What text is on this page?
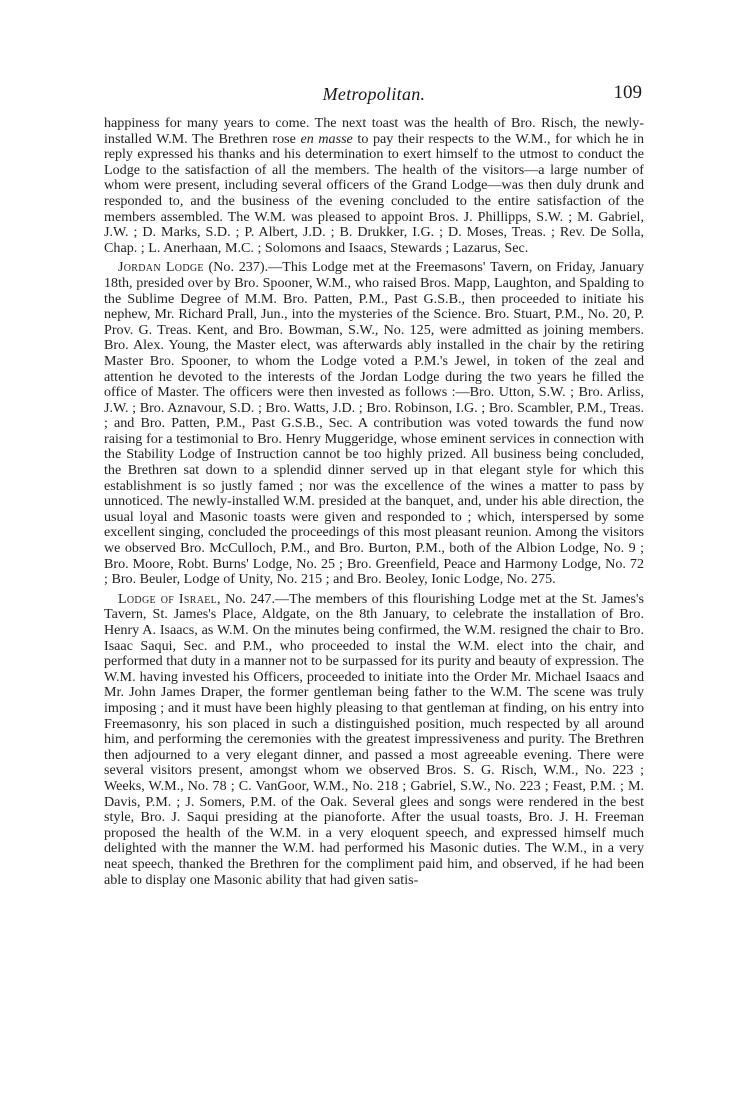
Metropolitan.	109

happiness for many years to come. The next toast was the health of Bro. Risch, the newly-installed W.M. The Brethren rose en masse to pay their respects to the W.M., for which he in reply expressed his thanks and his determination to exert himself to the utmost to conduct the Lodge to the satisfaction of all the members. The health of the visitors—a large number of whom were present, including several officers of the Grand Lodge—was then duly drunk and responded to, and the business of the evening concluded to the entire satisfaction of the members assembled. The W.M. was pleased to appoint Bros. J. Phillipps, S.W. ; M. Gabriel, J.W. ; D. Marks, S.D. ; P. Albert, J.D. ; B. Drukker, I.G. ; D. Moses, Treas. ; Rev. De Solla, Chap. ; L. Anerhaan, M.C. ; Solomons and Isaacs, Stewards ; Lazarus, Sec.

Jordan Lodge (No. 237).—This Lodge met at the Freemasons' Tavern, on Friday, January 18th, presided over by Bro. Spooner, W.M., who raised Bros. Mapp, Laughton, and Spalding to the Sublime Degree of M.M. Bro. Patten, P.M., Past G.S.B., then proceeded to initiate his nephew, Mr. Richard Prall, Jun., into the mysteries of the Science. Bro. Stuart, P.M., No. 20, P. Prov. G. Treas. Kent, and Bro. Bowman, S.W., No. 125, were admitted as joining members. Bro. Alex. Young, the Master elect, was afterwards ably installed in the chair by the retiring Master Bro. Spooner, to whom the Lodge voted a P.M.'s Jewel, in token of the zeal and attention he devoted to the interests of the Jordan Lodge during the two years he filled the office of Master. The officers were then invested as follows :—Bro. Utton, S.W. ; Bro. Arliss, J.W. ; Bro. Aznavour, S.D. ; Bro. Watts, J.D. ; Bro. Robinson, I.G. ; Bro. Scambler, P.M., Treas. ; and Bro. Patten, P.M., Past G.S.B., Sec. A contribution was voted towards the fund now raising for a testimonial to Bro. Henry Muggeridge, whose eminent services in connection with the Stability Lodge of Instruction cannot be too highly prized. All business being concluded, the Brethren sat down to a splendid dinner served up in that elegant style for which this establishment is so justly famed ; nor was the excellence of the wines a matter to pass by unnoticed. The newly-installed W.M. presided at the banquet, and, under his able direction, the usual loyal and Masonic toasts were given and responded to ; which, interspersed by some excellent singing, concluded the proceedings of this most pleasant reunion. Among the visitors we observed Bro. McCulloch, P.M., and Bro. Burton, P.M., both of the Albion Lodge, No. 9 ; Bro. Moore, Robt. Burns' Lodge, No. 25 ; Bro. Greenfield, Peace and Harmony Lodge, No. 72 ; Bro. Beuler, Lodge of Unity, No. 215 ; and Bro. Beoley, Ionic Lodge, No. 275.

Lodge of Israel, No. 247.—The members of this flourishing Lodge met at the St. James's Tavern, St. James's Place, Aldgate, on the 8th January, to celebrate the installation of Bro. Henry A. Isaacs, as W.M. On the minutes being confirmed, the W.M. resigned the chair to Bro. Isaac Saqui, Sec. and P.M., who proceeded to instal the W.M. elect into the chair, and performed that duty in a manner not to be surpassed for its purity and beauty of expression. The W.M. having invested his Officers, proceeded to initiate into the Order Mr. Michael Isaacs and Mr. John James Draper, the former gentleman being father to the W.M. The scene was truly imposing ; and it must have been highly pleasing to that gentleman at finding, on his entry into Freemasonry, his son placed in such a distinguished position, much respected by all around him, and performing the ceremonies with the greatest impressiveness and purity. The Brethren then adjourned to a very elegant dinner, and passed a most agreeable evening. There were several visitors present, amongst whom we observed Bros. S. G. Risch, W.M., No. 223 ; Weeks, W.M., No. 78 ; C. VanGoor, W.M., No. 218 ; Gabriel, S.W., No. 223 ; Feast, P.M. ; M. Davis, P.M. ; J. Somers, P.M. of the Oak. Several glees and songs were rendered in the best style, Bro. J. Saqui presiding at the pianoforte. After the usual toasts, Bro. J. H. Freeman proposed the health of the W.M. in a very eloquent speech, and expressed himself much delighted with the manner the W.M. had performed his Masonic duties. The W.M., in a very neat speech, thanked the Brethren for the compliment paid him, and observed, if he had been able to display one Masonic ability that had given satis-
